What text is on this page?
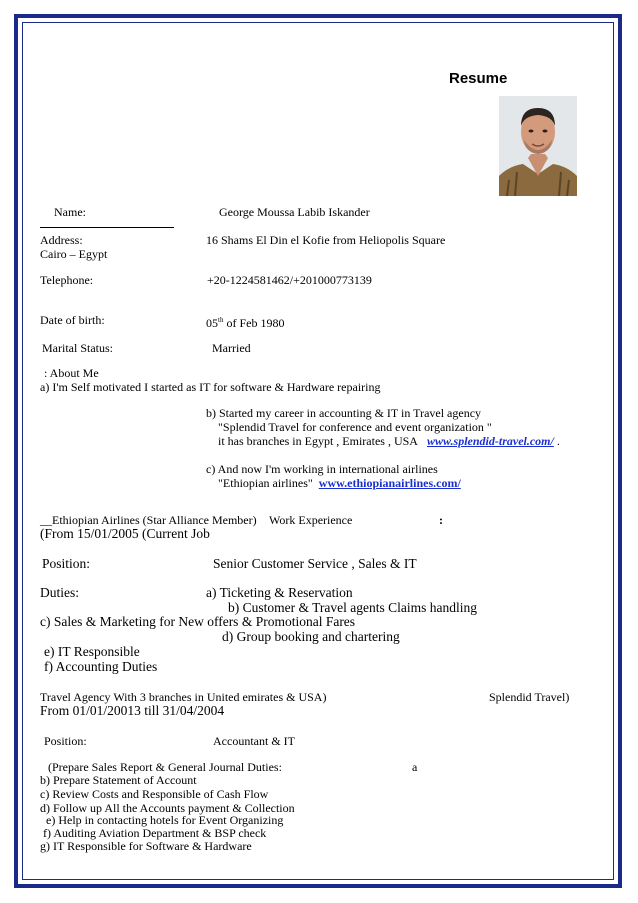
Resume
Name:	George Moussa Labib Iskander
Address:	16 Shams El Din el Kofie from Heliopolis Square
Cairo – Egypt
Telephone:	+20-1224581462/+201000773139
Date of birth:	05th of Feb 1980
Marital Status:	Married
: About Me
a) I'm Self motivated I started as IT for software & Hardware repairing
b) Started my career in accounting & IT in Travel agency
"Splendid Travel for conference and event organization "
it has branches in Egypt , Emirates , USA www.splendid-travel.com/ .
c) And now I'm working in international airlines
"Ethiopian airlines" www.ethiopianairlines.com/
__Ethiopian Airlines (Star Alliance Member) Work Experience	:
(From 15/01/2005 (Current Job
Position:	Senior Customer Service , Sales & IT
Duties:	a) Ticketing & Reservation
b) Customer & Travel agents Claims handling
c) Sales & Marketing for New offers & Promotional Fares
d) Group booking and chartering
e) IT Responsible
f) Accounting Duties
Travel Agency With 3 branches in United emirates & USA)	Splendid Travel)
From 01/01/20013 till 31/04/2004
Position:	Accountant & IT
(Prepare Sales Report & General Journal Duties:	a
b) Prepare Statement of Account
c) Review Costs and Responsible of Cash Flow
d) Follow up All the Accounts payment & Collection
e) Help in contacting hotels for Event Organizing
f) Auditing Aviation Department & BSP check
g) IT Responsible for Software & Hardware
